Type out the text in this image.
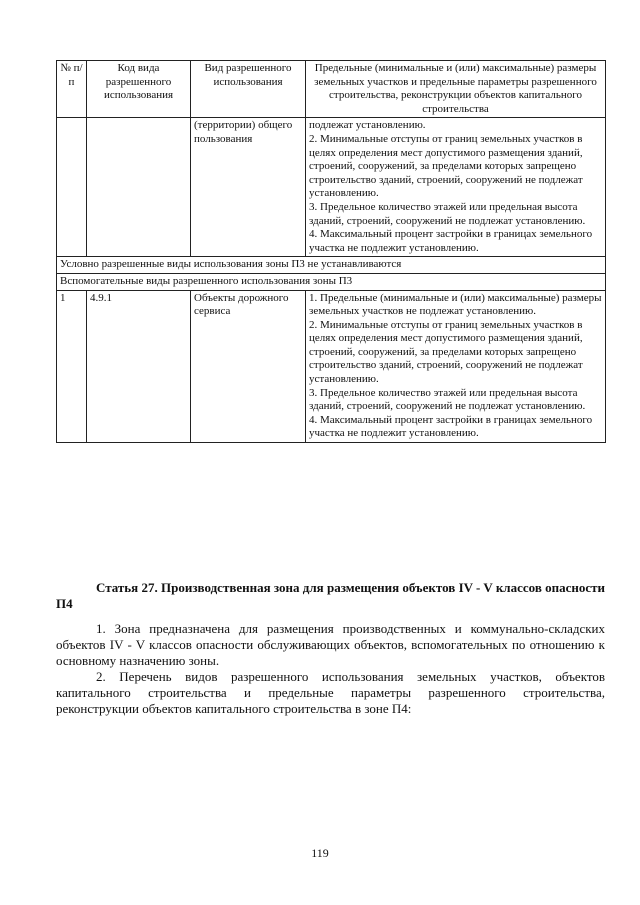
№ п/п	Код вида разрешенного использования	Вид разрешенного использования	Предельные (минимальные и (или) максимальные) размеры земельных участков и предельные параметры разрешенного строительства, реконструкции объектов капитального строительства
		(территории) общего пользования	подлежат установлению.
2. Минимальные отступы от границ земельных участков в целях определения мест допустимого размещения зданий, строений, сооружений, за пределами которых запрещено строительство зданий, строений, сооружений не подлежат установлению.
3. Предельное количество этажей или предельная высота зданий, строений, сооружений не подлежат установлению.
4. Максимальный процент застройки в границах земельного участка не подлежит установлению.

Условно разрешенные виды использования зоны П3 не устанавливаются			
Вспомогательные виды разрешенного использования зоны П3			
1	4.9.1	Объекты дорожного сервиса	1. Предельные (минимальные и (или) максимальные) размеры земельных участков не подлежат установлению.
2. Минимальные отступы от границ земельных участков в целях определения мест допустимого размещения зданий, строений, сооружений, за пределами которых запрещено строительство зданий, строений, сооружений не подлежат установлению.
3. Предельное количество этажей или предельная высота зданий, строений, сооружений не подлежат установлению.
4. Максимальный процент застройки в границах земельного участка не подлежит установлению.

Статья 27. Производственная зона для размещения объектов IV - V классов опасности П4

1. Зона предназначена для размещения производственных и коммунально-складских объектов IV - V классов опасности обслуживающих объектов, вспомогательных по отношению к основному назначению зоны.

2. Перечень видов разрешенного использования земельных участков, объектов капитального строительства и предельные параметры разрешенного строительства, реконструкции объектов капитального строительства в зоне П4:

119
